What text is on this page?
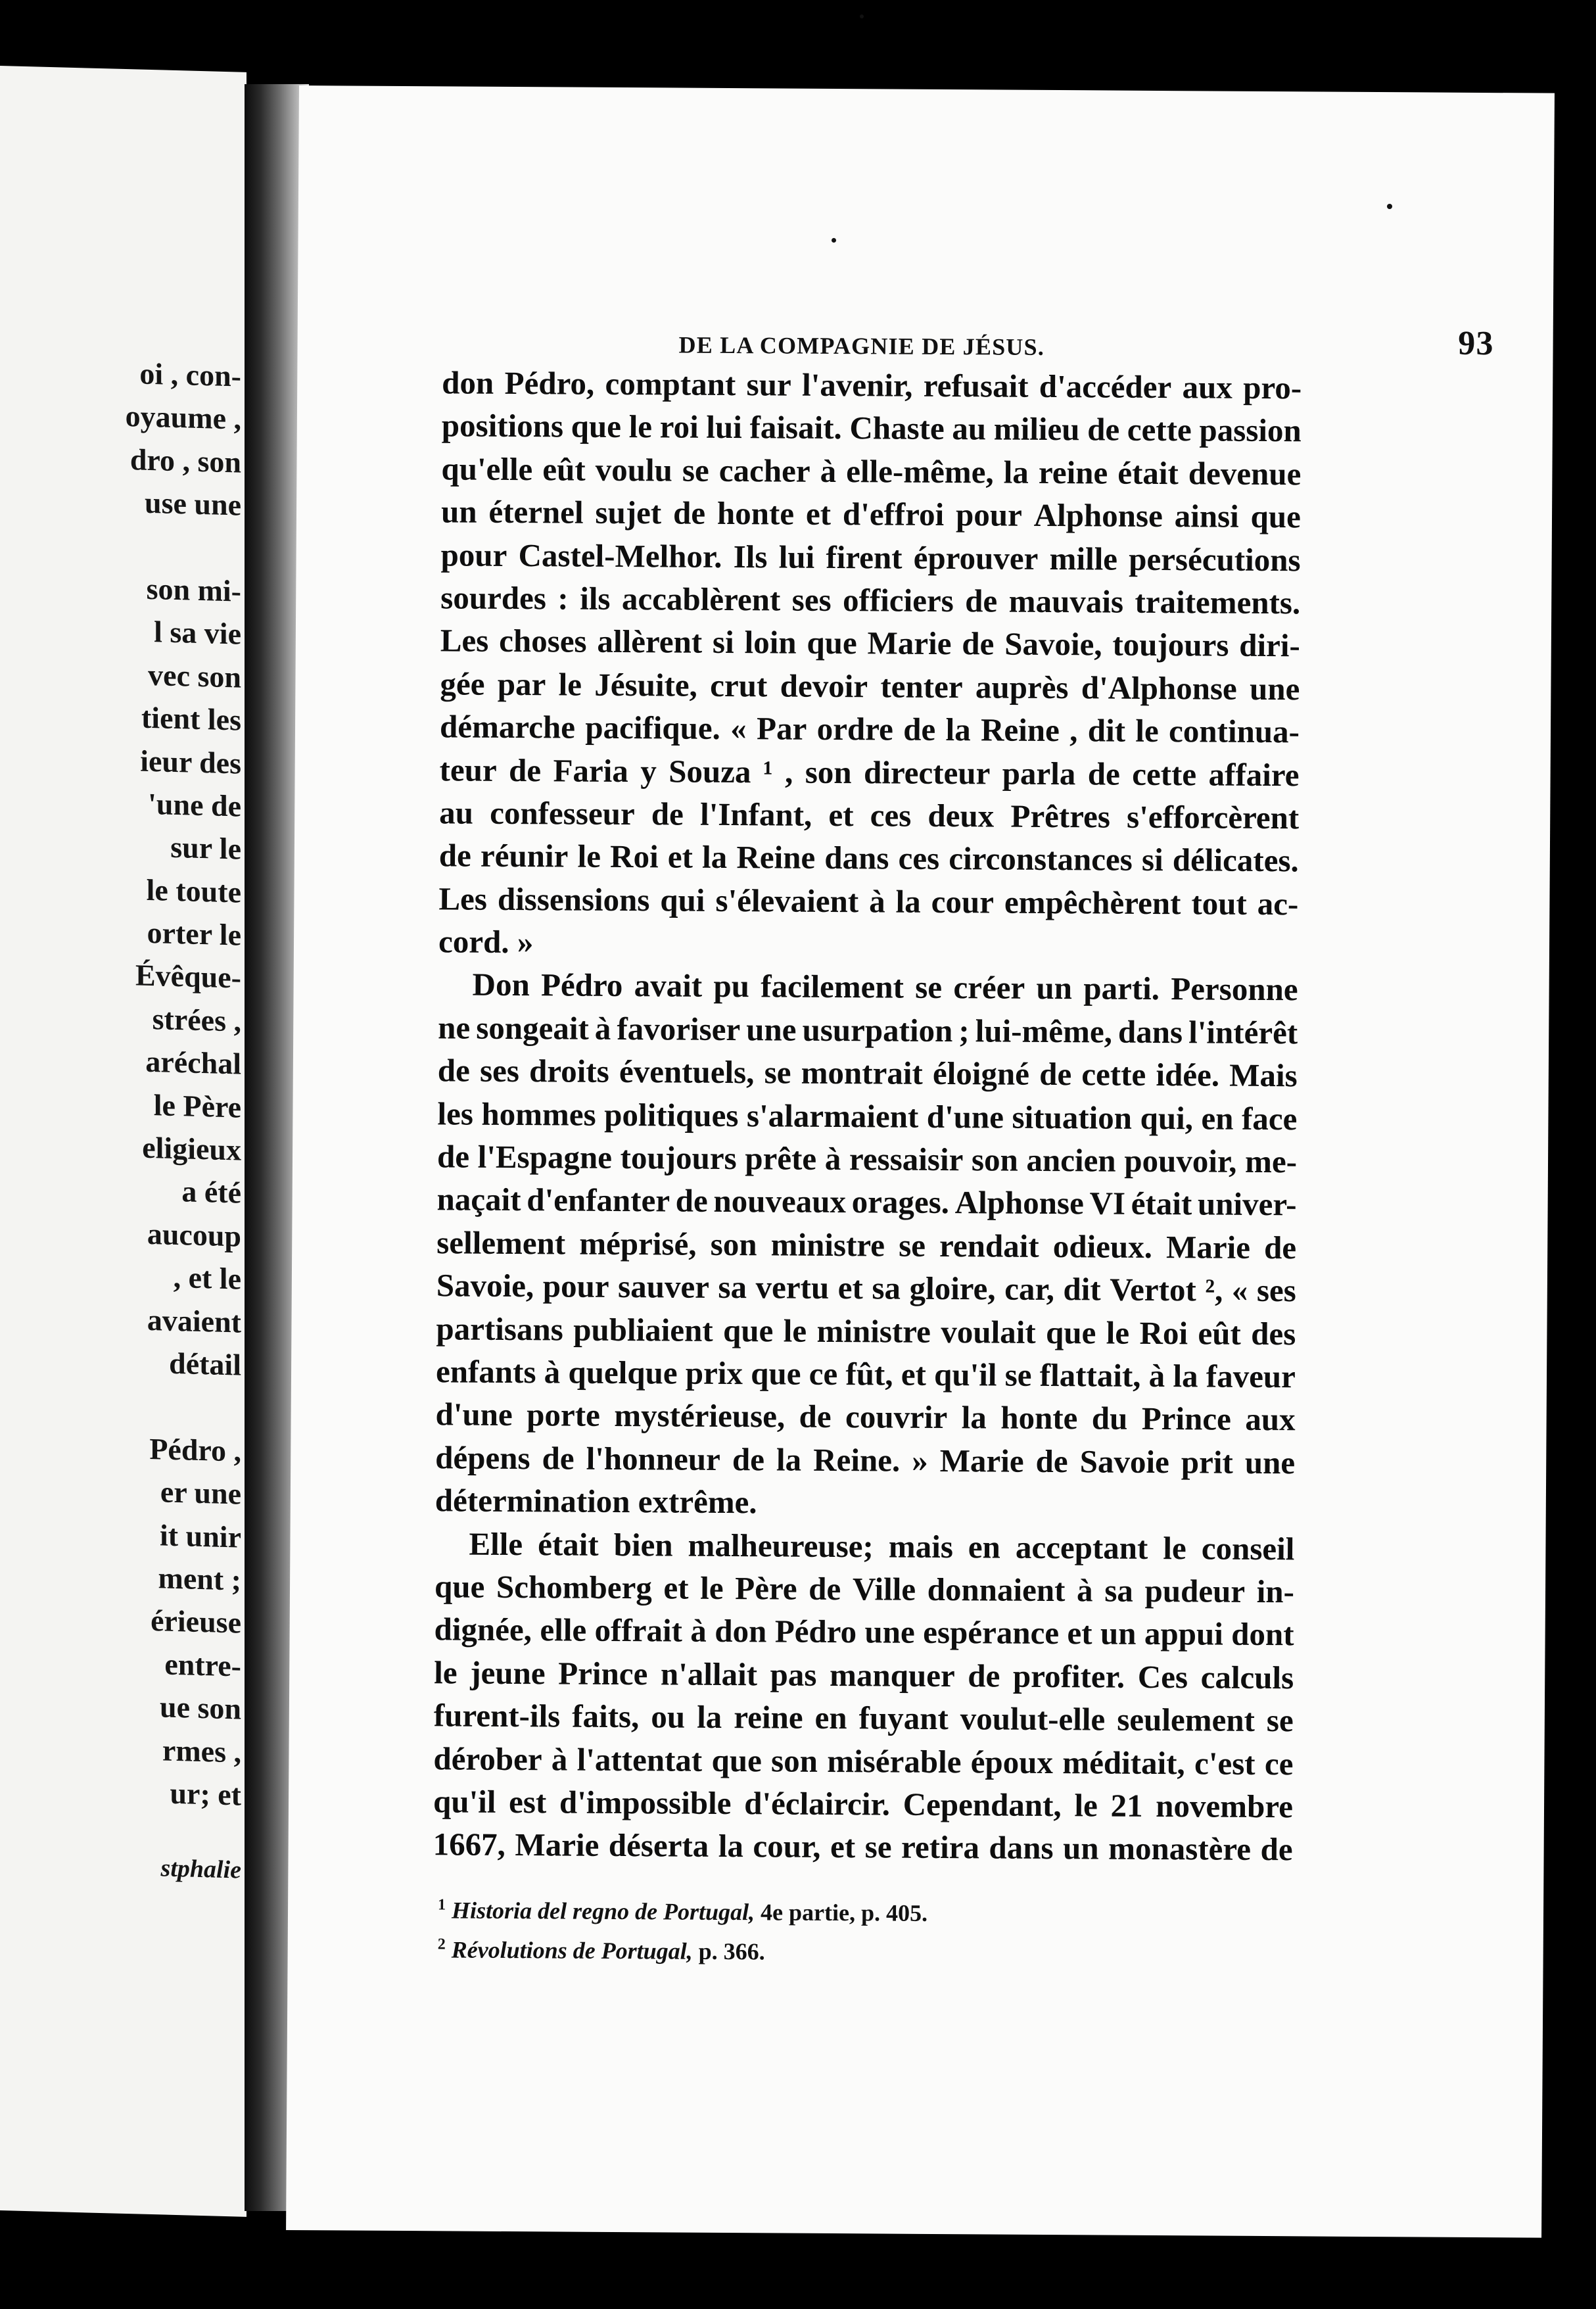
oi , con-
oyaume ,
dro , son
use une
son mi-
l sa vie
vec son
tient les
ieur des
'une de
sur le
le toute
orter le
Évêque-
strées ,
aréchal
le Père
eligieux
a été
aucoup
, et le
avaient
détail
Pédro ,
er une
it unir
ment ;
érieuse
entre-
ue son
rmes ,
ur; et
stphalie
DE LA COMPAGNIE DE JÉSUS.	93
don Pédro, comptant sur l'avenir, refusait d'accéder aux pro-
positions que le roi lui faisait. Chaste au milieu de cette passion
qu'elle eût voulu se cacher à elle-même, la reine était devenue
un éternel sujet de honte et d'effroi pour Alphonse ainsi que
pour Castel-Melhor. Ils lui firent éprouver mille persécutions
sourdes : ils accablèrent ses officiers de mauvais traitements.
Les choses allèrent si loin que Marie de Savoie, toujours diri-
gée par le Jésuite, crut devoir tenter auprès d'Alphonse une
démarche pacifique. « Par ordre de la Reine , dit le continua-
teur de Faria y Souza ¹ , son directeur parla de cette affaire
au confesseur de l'Infant, et ces deux Prêtres s'efforcèrent
de réunir le Roi et la Reine dans ces circonstances si délicates.
Les dissensions qui s'élevaient à la cour empêchèrent tout ac-
cord. »
Don Pédro avait pu facilement se créer un parti. Personne
ne songeait à favoriser une usurpation ; lui-même, dans l'intérêt
de ses droits éventuels, se montrait éloigné de cette idée. Mais
les hommes politiques s'alarmaient d'une situation qui, en face
de l'Espagne toujours prête à ressaisir son ancien pouvoir, me-
naçait d'enfanter de nouveaux orages. Alphonse VI était univer-
sellement méprisé, son ministre se rendait odieux. Marie de
Savoie, pour sauver sa vertu et sa gloire, car, dit Vertot ², « ses
partisans publiaient que le ministre voulait que le Roi eût des
enfants à quelque prix que ce fût, et qu'il se flattait, à la faveur
d'une porte mystérieuse, de couvrir la honte du Prince aux
dépens de l'honneur de la Reine. » Marie de Savoie prit une
détermination extrême.
Elle était bien malheureuse; mais en acceptant le conseil
que Schomberg et le Père de Ville donnaient à sa pudeur in-
dignée, elle offrait à don Pédro une espérance et un appui dont
le jeune Prince n'allait pas manquer de profiter. Ces calculs
furent-ils faits, ou la reine en fuyant voulut-elle seulement se
dérober à l'attentat que son misérable époux méditait, c'est ce
qu'il est d'impossible d'éclaircir. Cependant, le 21 novembre
1667, Marie déserta la cour, et se retira dans un monastère de
$^1$ Historia del regno de Portugal, 4e partie, p. 405.
$^2$ Révolutions de Portugal, p. 366.
